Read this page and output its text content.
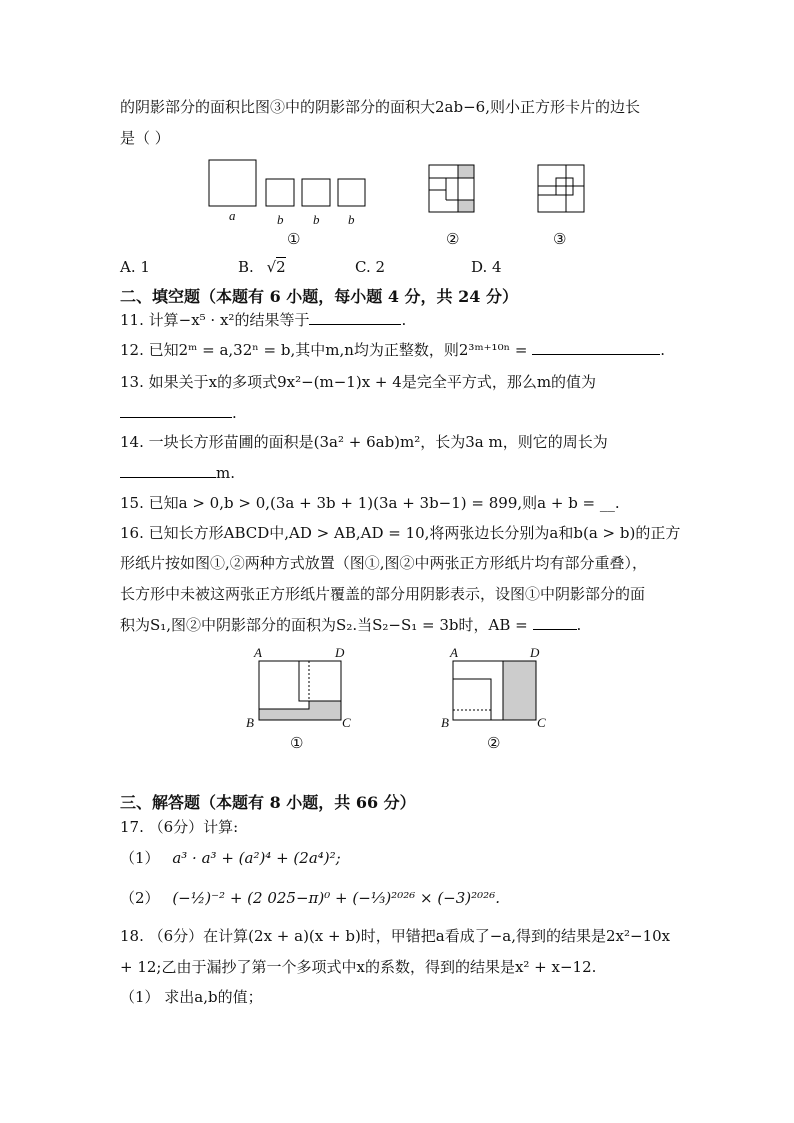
的阴影部分的面积比图③中的阴影部分的面积大2ab−6,则小正方形卡片的边长
是（ ）
a	b b b
①	②	③
A. 1	B. √2	C. 2	D. 4
二、填空题（本题有 6 小题，每小题 4 分，共 24 分）
11. 计算−x⁵ · x²的结果等于	.
12. 已知2ᵐ = a,32ⁿ = b,其中m,n均为正整数，则2³ᵐ⁺¹⁰ⁿ =	.
13. 如果关于x的多项式9x²−(m−1)x + 4是完全平方式，那么m的值为
.
14. 一块长方形苗圃的面积是(3a² + 6ab)m²，长为3a m，则它的周长为
m.
15. 已知a > 0,b > 0,(3a + 3b + 1)(3a + 3b−1) = 899,则a + b = __.
16. 已知长方形ABCD中,AD > AB,AD = 10,将两张边长分别为a和b(a > b)的正方
形纸片按如图①,②两种方式放置（图①,图②中两张正方形纸片均有部分重叠），
长方形中未被这两张正方形纸片覆盖的部分用阴影表示，设图①中阴影部分的面
积为S₁,图②中阴影部分的面积为S₂.当S₂−S₁ = 3b时，AB =	.
A	D
B	C
①
A	D
B	C
②
三、解答题（本题有 8 小题，共 66 分）
17. （6分）计算:
（1） a³ · a³ + (a²)⁴ + (2a⁴)²;
（2） (−½)⁻² + (2 025−π)⁰ + (−⅓)²⁰²⁶ × (−3)²⁰²⁶.
18. （6分）在计算(2x + a)(x + b)时，甲错把a看成了−a,得到的结果是2x²−10x
+ 12;乙由于漏抄了第一个多项式中x的系数，得到的结果是x² + x−12.
（1） 求出a,b的值；
